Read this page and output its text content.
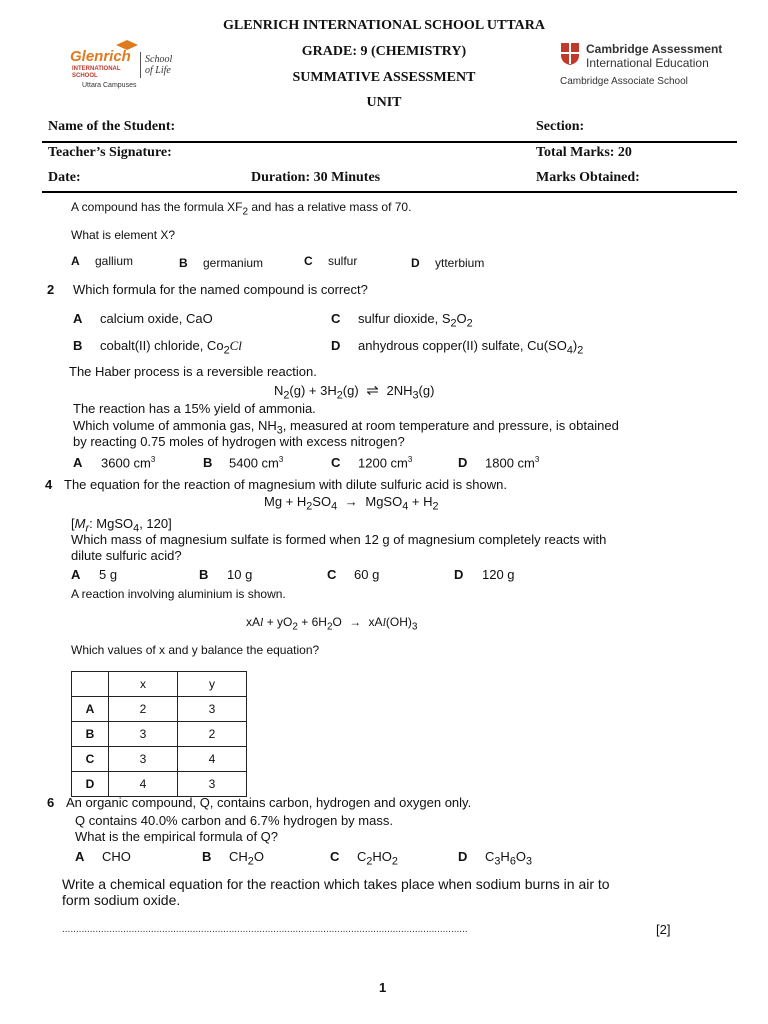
GLENRICH INTERNATIONAL SCHOOL UTTARA
GRADE: 9 (CHEMISTRY)
SUMMATIVE ASSESSMENT
UNIT
Glenrich
INTERNATIONAL
SCHOOL
School
of Life
Uttara Campuses
Cambridge Assessment
International Education
Cambridge Associate School
Name of the Student:	Section:
Teacher’s Signature:	Total Marks: 20
Date:	Duration: 30 Minutes	Marks Obtained:
A compound has the formula $XF_2$ and has a relative mass of 70.
What is element X?
A gallium	B germanium	C sulfur	D ytterbium
2 Which formula for the named compound is correct?
A calcium oxide, CaO	C sulfur dioxide, $S_2O_2$
B cobalt(II) chloride, $Co_2Cl$	D anhydrous copper(II) sulfate, $Cu(SO_4)_2$
The Haber process is a reversible reaction.
$N_2(g) + 3H_2(g)$ ⇌ $2NH_3(g)$
The reaction has a 15% yield of ammonia.
Which volume of ammonia gas, $NH_3$, measured at room temperature and pressure, is obtained
by reacting 0.75 moles of hydrogen with excess nitrogen?
A 3600 $cm^3$	B 5400 $cm^3$	C 1200 $cm^3$	D 1800 $cm^3$
4 The equation for the reaction of magnesium with dilute sulfuric acid is shown.
$Mg + H_2SO_4$ → MgSO$_4$ + $H_2$
[$M_r$: MgSO$_4$, 120]
Which mass of magnesium sulfate is formed when 12 g of magnesium completely reacts with
dilute sulfuric acid?
A 5 g	B 10 g	C 60 g	D 120 g
A reaction involving aluminium is shown.
xAl + $yO_2 + 6H_2O \to xAl(OH)_3$
Which values of x and y balance the equation?
	x	y
A	2	3
B	3	2
C	3	4
D	4	3
6 An organic compound, Q, contains carbon, hydrogen and oxygen only.
Q contains 40.0% carbon and 6.7% hydrogen by mass.
What is the empirical formula of Q?
A CHO	B $CH_2O$	C $C_2HO_2$	D $C_3H_6O_3$
Write a chemical equation for the reaction which takes place when sodium burns in air to
form sodium oxide.
..................................................................................................................................................	[2]
1
